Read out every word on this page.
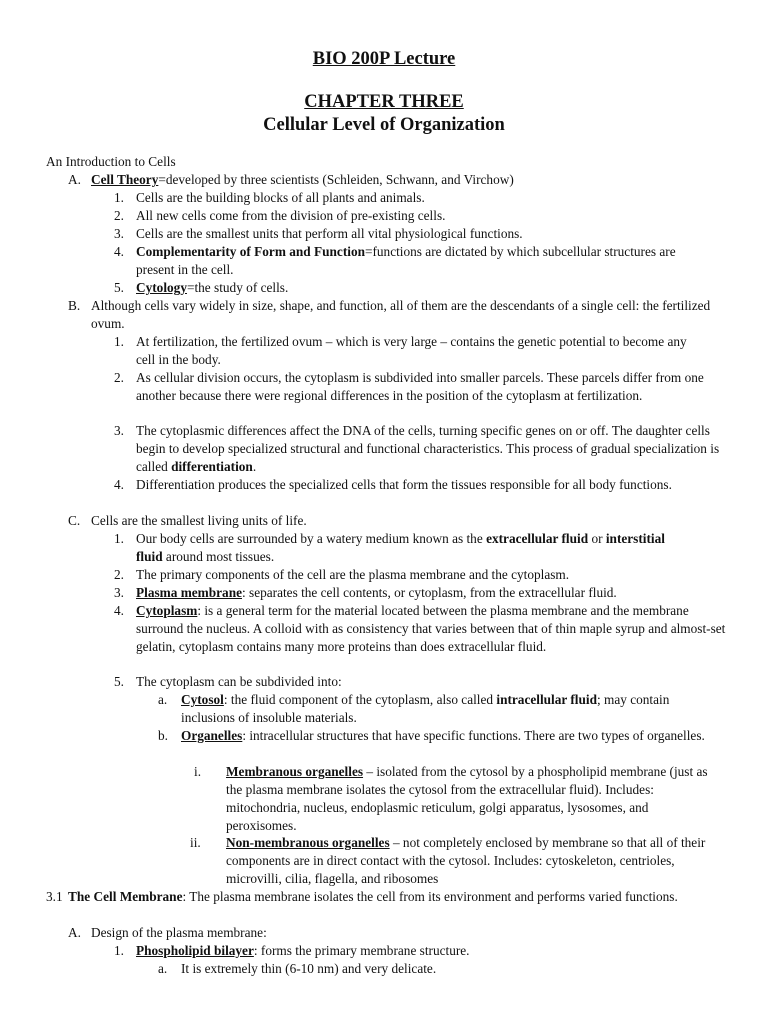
BIO 200P Lecture
CHAPTER THREE
Cellular Level of Organization
An Introduction to Cells
A. Cell Theory=developed by three scientists (Schleiden, Schwann, and Virchow)
1. Cells are the building blocks of all plants and animals.
2. All new cells come from the division of pre-existing cells.
3. Cells are the smallest units that perform all vital physiological functions.
4. Complementarity of Form and Function=functions are dictated by which subcellular structures are present in the cell.
5. Cytology=the study of cells.
B. Although cells vary widely in size, shape, and function, all of them are the descendants of a single cell: the fertilized ovum.
1. At fertilization, the fertilized ovum – which is very large – contains the genetic potential to become any cell in the body.
2. As cellular division occurs, the cytoplasm is subdivided into smaller parcels. These parcels differ from one another because there were regional differences in the position of the cytoplasm at fertilization.
3. The cytoplasmic differences affect the DNA of the cells, turning specific genes on or off. The daughter cells begin to develop specialized structural and functional characteristics. This process of gradual specialization is called differentiation.
4. Differentiation produces the specialized cells that form the tissues responsible for all body functions.
C. Cells are the smallest living units of life.
1. Our body cells are surrounded by a watery medium known as the extracellular fluid or interstitial fluid around most tissues.
2. The primary components of the cell are the plasma membrane and the cytoplasm.
3. Plasma membrane: separates the cell contents, or cytoplasm, from the extracellular fluid.
4. Cytoplasm: is a general term for the material located between the plasma membrane and the membrane surround the nucleus. A colloid with as consistency that varies between that of thin maple syrup and almost-set gelatin, cytoplasm contains many more proteins than does extracellular fluid.
5. The cytoplasm can be subdivided into:
a. Cytosol: the fluid component of the cytoplasm, also called intracellular fluid; may contain inclusions of insoluble materials.
b. Organelles: intracellular structures that have specific functions. There are two types of organelles.
i. Membranous organelles – isolated from the cytosol by a phospholipid membrane (just as the plasma membrane isolates the cytosol from the extracellular fluid). Includes: mitochondria, nucleus, endoplasmic reticulum, golgi apparatus, lysosomes, and peroxisomes.
ii. Non-membranous organelles – not completely enclosed by membrane so that all of their components are in direct contact with the cytosol. Includes: cytoskeleton, centrioles, microvilli, cilia, flagella, and ribosomes
3.1 The Cell Membrane: The plasma membrane isolates the cell from its environment and performs varied functions.
A. Design of the plasma membrane:
1. Phospholipid bilayer: forms the primary membrane structure.
a. It is extremely thin (6-10 nm) and very delicate.
